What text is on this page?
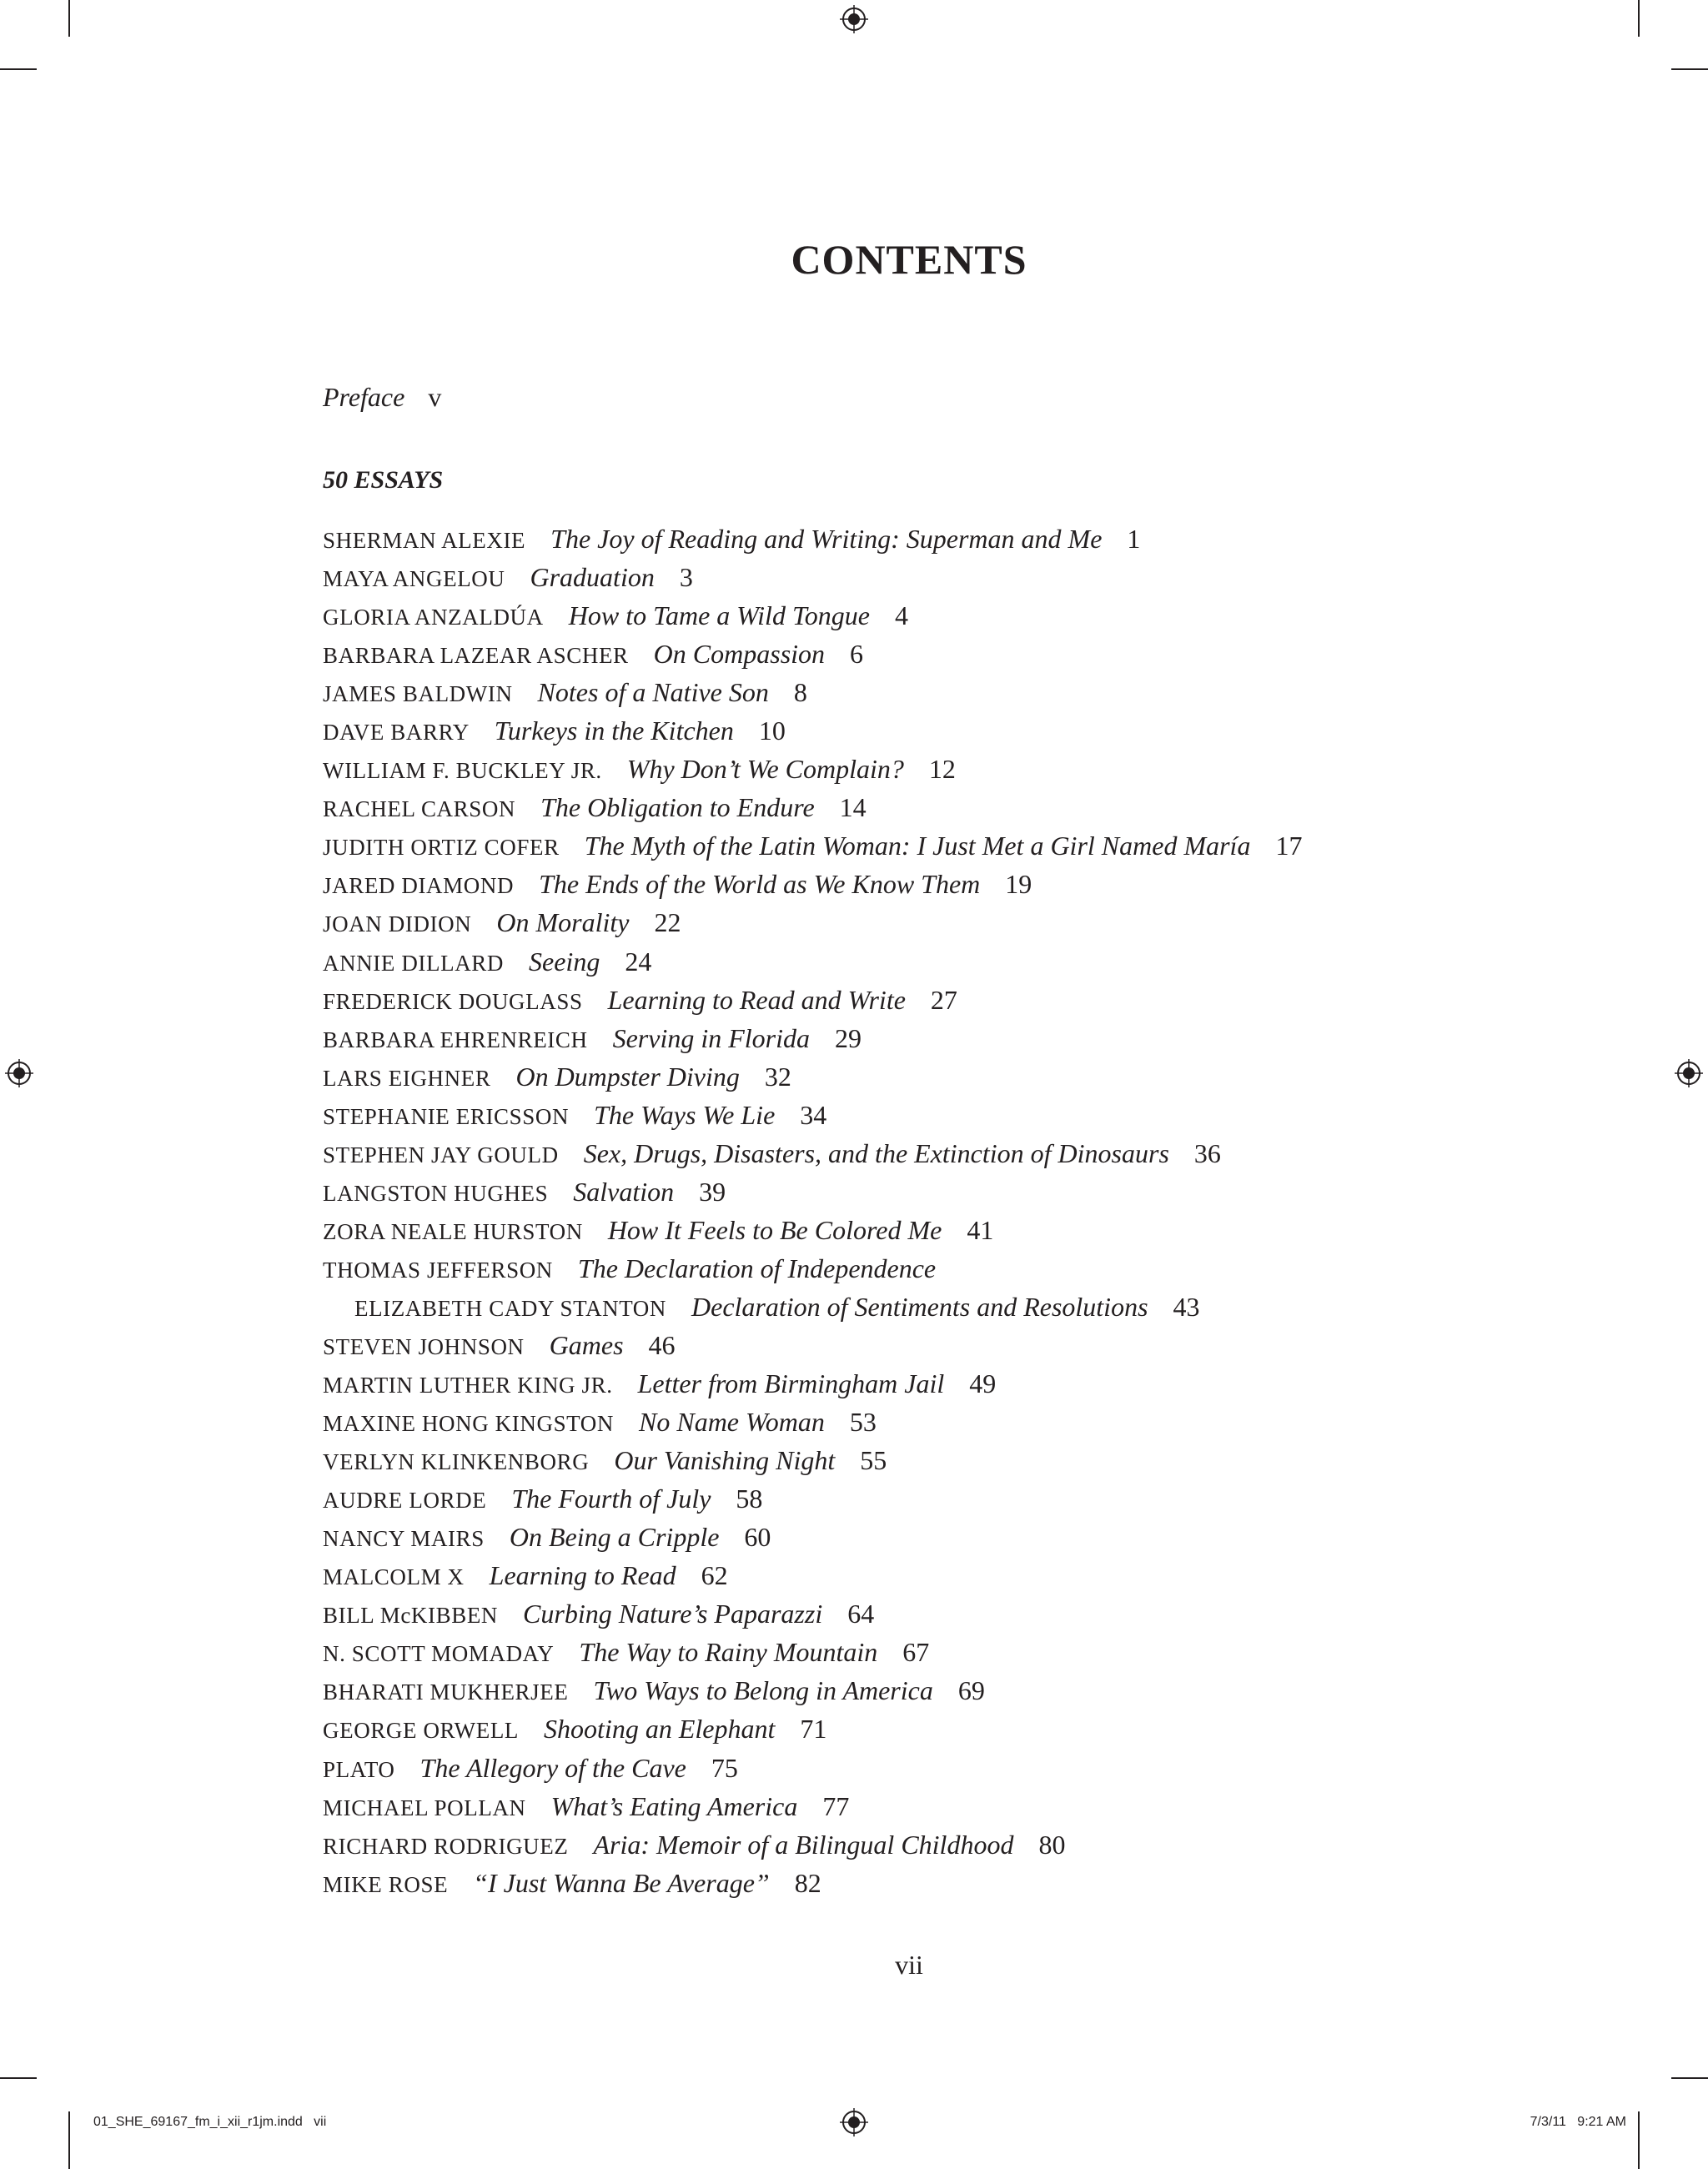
CONTENTS
Preface v
50 ESSAYS
SHERMAN ALEXIE The Joy of Reading and Writing: Superman and Me 1
MAYA ANGELOU Graduation 3
GLORIA ANZALDÚA How to Tame a Wild Tongue 4
BARBARA LAZEAR ASCHER On Compassion 6
JAMES BALDWIN Notes of a Native Son 8
DAVE BARRY Turkeys in the Kitchen 10
WILLIAM F. BUCKLEY JR. Why Don’t We Complain? 12
RACHEL CARSON The Obligation to Endure 14
JUDITH ORTIZ COFER The Myth of the Latin Woman: I Just Met a Girl Named María 17
JARED DIAMOND The Ends of the World as We Know Them 19
JOAN DIDION On Morality 22
ANNIE DILLARD Seeing 24
FREDERICK DOUGLASS Learning to Read and Write 27
BARBARA EHRENREICH Serving in Florida 29
LARS EIGHNER On Dumpster Diving 32
STEPHANIE ERICSSON The Ways We Lie 34
STEPHEN JAY GOULD Sex, Drugs, Disasters, and the Extinction of Dinosaurs 36
LANGSTON HUGHES Salvation 39
ZORA NEALE HURSTON How It Feels to Be Colored Me 41
THOMAS JEFFERSON The Declaration of Independence
ELIZABETH CADY STANTON Declaration of Sentiments and Resolutions 43
STEVEN JOHNSON Games 46
MARTIN LUTHER KING JR. Letter from Birmingham Jail 49
MAXINE HONG KINGSTON No Name Woman 53
VERLYN KLINKENBORG Our Vanishing Night 55
AUDRE LORDE The Fourth of July 58
NANCY MAIRS On Being a Cripple 60
MALCOLM X Learning to Read 62
BILL McKIBBEN Curbing Nature’s Paparazzi 64
N. SCOTT MOMADAY The Way to Rainy Mountain 67
BHARATI MUKHERJEE Two Ways to Belong in America 69
GEORGE ORWELL Shooting an Elephant 71
PLATO The Allegory of the Cave 75
MICHAEL POLLAN What’s Eating America 77
RICHARD RODRIGUEZ Aria: Memoir of a Bilingual Childhood 80
MIKE ROSE “I Just Wanna Be Average” 82
vii
01_SHE_69167_fm_i_xii_r1jm.indd   vii	7/3/11   9:21 AM
